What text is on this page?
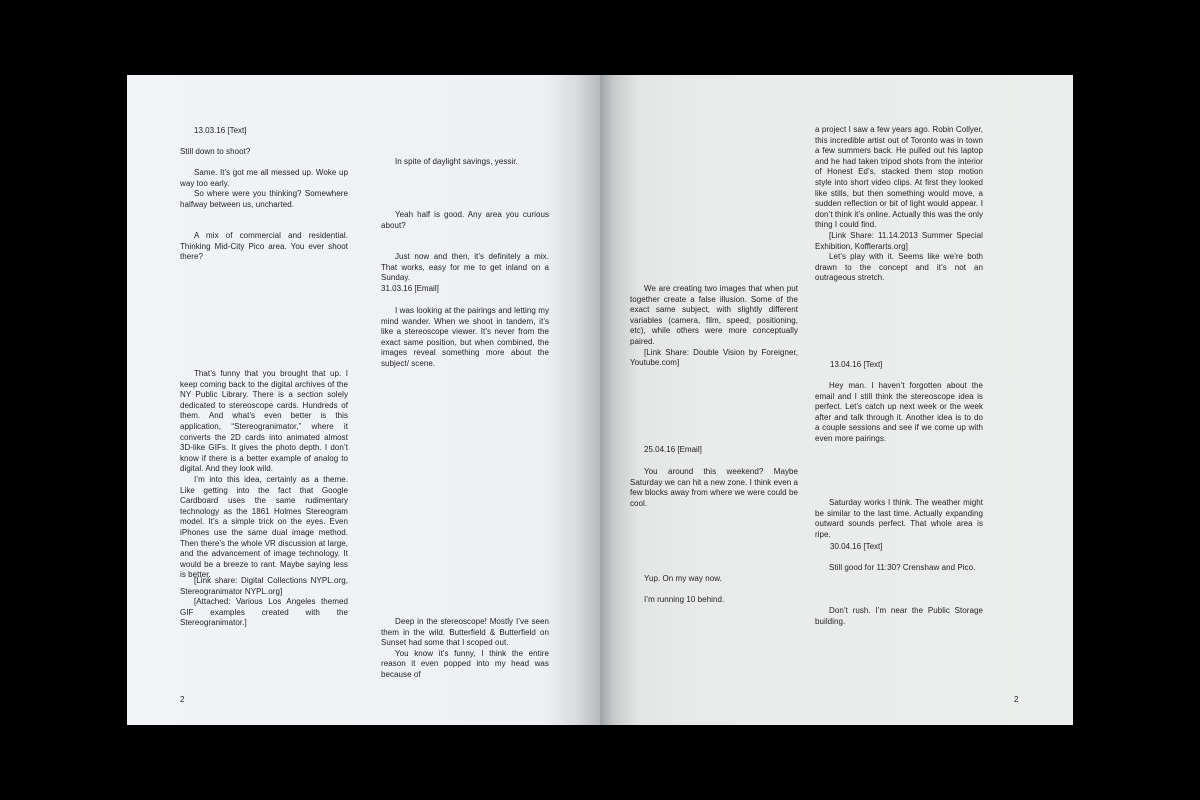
13.03.16 [Text]

Still down to shoot?

In spite of daylight savings, yessir.

Same. It’s got me all messed up. Woke up way too early.

So where were you thinking? Somewhere halfway between us, uncharted.

Yeah half is good. Any area you curious about?

A mix of commercial and residential. Thinking Mid-City Pico area. You ever shoot there?	Just now and then, it’s definitely a mix. That works, easy for me to get inland on a Sunday.

31.03.16 [Email]

I was looking at the pairings and letting my mind wander. When we shoot in tandem, it’s like a stereoscope viewer. It’s never from the exact same position, but when combined, the images reveal something more about the subject/ scene.

That’s funny that you brought that up. I keep coming back to the digital archives of the NY Public Library. There is a section solely dedicated to stereoscope cards. Hundreds of them. And what’s even better is this application, “Stereogranimator,” where it converts the 2D cards into animated almost 3D-like GIFs. It gives the photo depth. I don’t know if there is a better example of analog to digital. And they look wild.

I’m into this idea, certainly as a theme. Like getting into the fact that Google Cardboard uses the same rudimentary technology as the 1861 Holmes Stereogram model. It’s a simple trick on the eyes. Even iPhones use the same dual image method. Then there’s the whole VR discussion at large, and the advancement of image technology. It would be a breeze to rant. Maybe saying less is better.

[Link share: Digital Collections NYPL.org, Stereogranimator NYPL.org]

[Attached: Various Los Angeles themed GIF examples created with the Stereogranimator.]	Deep in the stereoscope! Mostly I’ve seen them in the wild. Butterfield & Butterfield on Sunset had some that I scoped out.

You know it’s funny, I think the entire reason it even popped into my head was because of

2

a project I saw a few years ago. Robin Collyer, this incredible artist out of Toronto was in town a few summers back. He pulled out his laptop and he had taken tripod shots from the interior of Honest Ed’s, stacked them stop motion style into short video clips. At first they looked like stills, but then something would move, a sudden reflection or bit of light would appear. I don’t think it’s online. Actually this was the only thing I could find.

[Link Share: 11.14.2013 Summer Special Exhibition, Kofflerarts.org]

Let’s play with it. Seems like we’re both drawn to the concept and it’s not an outrageous stretch.

We are creating two images that when put together create a false illusion. Some of the exact same subject, with slightly different variables (camera, film, speed, positioning, etc), while others were more conceptually paired.

[Link Share: Double Vision by Foreigner, Youtube.com]	13.04.16 [Text]

Hey man. I haven’t forgotten about the email and I still think the stereoscope idea is perfect. Let’s catch up next week or the week after and talk through it. Another idea is to do a couple sessions and see if we come up with even more pairings.

25.04.16 [Email]

You around this weekend? Maybe Saturday we can hit a new zone. I think even a few blocks away from where we were could be cool.	Saturday works I think. The weather might be similar to the last time. Actually expanding outward sounds perfect. That whole area is ripe.

30.04.16 [Text]

Still good for 11:30? Crenshaw and Pico.

Yup. On my way now.

I’m running 10 behind.

Don’t rush. I’m near the Public Storage building.

2
